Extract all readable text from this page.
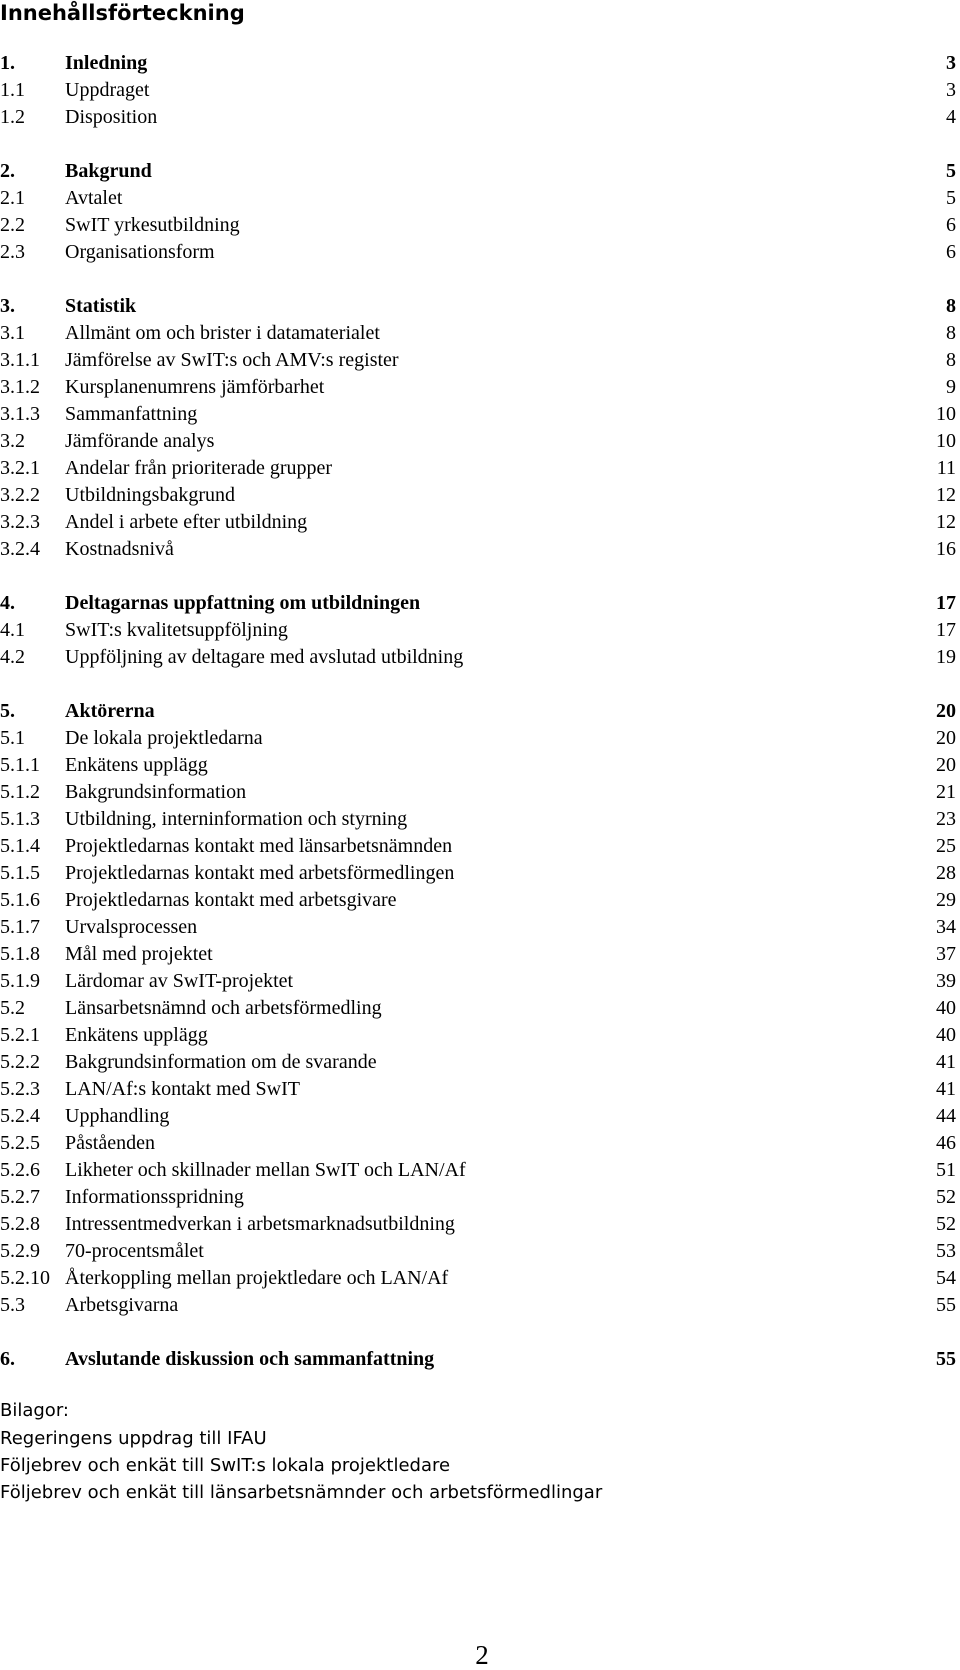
Innehållsförteckning
1.	Inledning	3
1.1 Uppdraget	3
1.2 Disposition	4
2.	Bakgrund	5
2.1 Avtalet	5
2.2 SwIT yrkesutbildning	6
2.3 Organisationsform	6
3.	Statistik	8
3.1 Allmänt om och brister i datamaterialet	8
3.1.1 Jämförelse av SwIT:s och AMV:s register	8
3.1.2 Kursplanenumrens jämförbarhet	9
3.1.3 Sammanfattning	10
3.2 Jämförande analys	10
3.2.1 Andelar från prioriterade grupper	11
3.2.2 Utbildningsbakgrund	12
3.2.3 Andel i arbete efter utbildning	12
3.2.4 Kostnadsnivå	16
4.	Deltagarnas uppfattning om utbildningen	17
4.1 SwIT:s kvalitetsuppföljning	17
4.2 Uppföljning av deltagare med avslutad utbildning	19
5.	Aktörerna	20
5.1 De lokala projektledarna	20
5.1.1 Enkätens upplägg	20
5.1.2 Bakgrundsinformation	21
5.1.3 Utbildning, interninformation och styrning	23
5.1.4 Projektledarnas kontakt med länsarbetsnämnden	25
5.1.5 Projektledarnas kontakt med arbetsförmedlingen	28
5.1.6 Projektledarnas kontakt med arbetsgivare	29
5.1.7 Urvalsprocessen	34
5.1.8 Mål med projektet	37
5.1.9 Lärdomar av SwIT-projektet	39
5.2 Länsarbetsnämnd och arbetsförmedling	40
5.2.1 Enkätens upplägg	40
5.2.2 Bakgrundsinformation om de svarande	41
5.2.3 LAN/Af:s kontakt med SwIT	41
5.2.4 Upphandling	44
5.2.5 Påståenden	46
5.2.6 Likheter och skillnader mellan SwIT och LAN/Af	51
5.2.7 Informationsspridning	52
5.2.8 Intressentmedverkan i arbetsmarknadsutbildning	52
5.2.9 70-procentsmålet	53
5.2.10 Återkoppling mellan projektledare och LAN/Af	54
5.3 Arbetsgivarna	55
6.	Avslutande diskussion och sammanfattning	55
Bilagor:
Regeringens uppdrag till IFAU
Följebrev och enkät till SwIT:s lokala projektledare
Följebrev och enkät till länsarbetsnämnder och arbetsförmedlingar
2
